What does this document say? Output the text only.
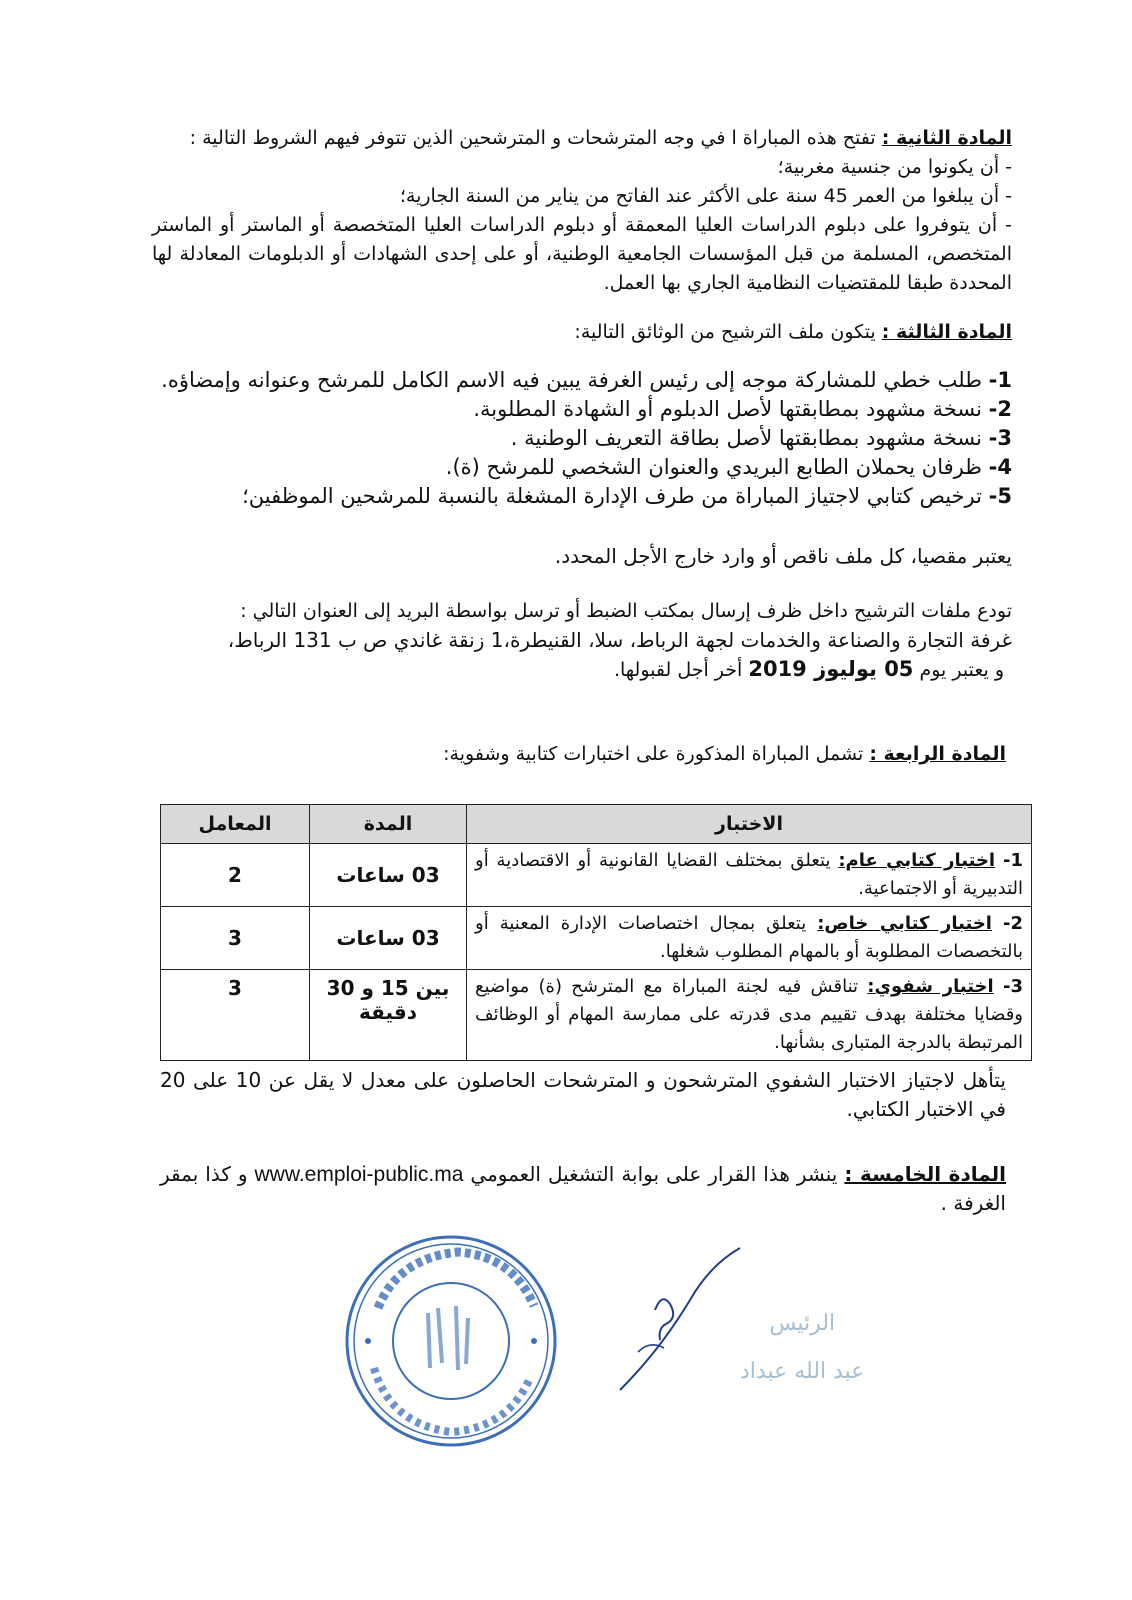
المادة الثانية : تفتح هذه المباراة ا في وجه المترشحات و المترشحين الذين تتوفر فيهم الشروط التالية :

- أن يكونوا من جنسية مغربية؛

- أن يبلغوا من العمر 45 سنة على الأكثر عند الفاتح من يناير من السنة الجارية؛

- أن يتوفروا على دبلوم الدراسات العليا المعمقة أو دبلوم الدراسات العليا المتخصصة أو الماستر أو الماستر المتخصص، المسلمة من قبل المؤسسات الجامعية الوطنية، أو على إحدى الشهادات أو الدبلومات المعادلة لها المحددة طبقا للمقتضيات النظامية الجاري بها العمل.

المادة الثالثة : يتكون ملف الترشيح من الوثائق التالية:

1- طلب خطي للمشاركة موجه إلى رئيس الغرفة يبين فيه الاسم الكامل للمرشح وعنوانه وإمضاؤه.

2- نسخة مشهود بمطابقتها لأصل الدبلوم أو الشهادة المطلوبة.

3- نسخة مشهود بمطابقتها لأصل بطاقة التعريف الوطنية .

4- ظرفان يحملان الطابع البريدي والعنوان الشخصي للمرشح (ة).

5- ترخيص كتابي لاجتياز المباراة من طرف الإدارة المشغلة بالنسبة للمرشحين الموظفين؛

يعتبر مقصيا، كل ملف ناقص أو وارد خارج الأجل المحدد.

تودع ملفات الترشيح داخل ظرف إرسال بمكتب الضبط أو ترسل بواسطة البريد إلى العنوان التالي :

غرفة التجارة والصناعة والخدمات لجهة الرباط، سلا، القنيطرة،1 زنقة غاندي ص ب 131 الرباط،

و يعتبر يوم 05 يوليوز 2019 أخر أجل لقبولها.

المادة الرابعة : تشمل المباراة المذكورة على اختبارات كتابية وشفوية:

الاختبار	المدة	المعامل
1- اختبار كتابي عام: يتعلق بمختلف القضايا القانونية أو الاقتصادية أو التدبيرية أو الاجتماعية.	03 ساعات	2
2- اختبار كتابي خاص: يتعلق بمجال اختصاصات الإدارة المعنية أو بالتخصصات المطلوبة أو بالمهام المطلوب شغلها.	03 ساعات	3
3- اختبار شفوي: تناقش فيه لجنة المباراة مع المترشح (ة) مواضيع وقضايا مختلفة بهدف تقييم مدى قدرته على ممارسة المهام أو الوظائف المرتبطة بالدرجة المتبارى بشأنها.	بين 15 و 30 دقيقة	3

يتأهل لاجتياز الاختبار الشفوي المترشحون و المترشحات الحاصلون على معدل لا يقل عن 10 على 20 في الاختبار الكتابي.

المادة الخامسة : ينشر هذا القرار على بوابة التشغيل العمومي www.emploi-public.ma و كذا بمقر الغرفة .

الرئيس

عبد الله عبداد
